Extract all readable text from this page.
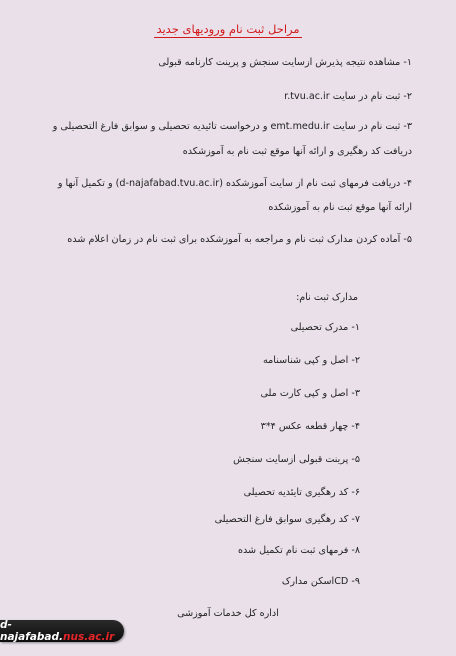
مراحل ثبت نام ورودیهای جدید
۱- مشاهده نتیجه پذیرش ازسایت سنجش و پرینت کارنامه قبولی
۲- ثبت نام در سایت r.tvu.ac.ir
۳- ثبت نام در سایت emt.medu.ir و درخواست تائیدیه تحصیلی و سوابق فارغ التحصیلی و
دریافت کد رهگیری و ارائه آنها موقع ثبت نام به آموزشکده
۴- دریافت فرمهای ثبت نام از سایت آموزشکده (d-najafabad.tvu.ac.ir) و تکمیل آنها و
ارائه آنها موقع ثبت نام به آموزشکده
۵- آماده کردن مدارک ثبت نام و مراجعه به آموزشکده برای ثبت نام در زمان اعلام شده
مدارک ثبت نام:
۱- مدرک تحصیلی
۲- اصل و کپی شناسنامه
۳- اصل و کپی کارت ملی
۴- چهار قطعه عکس ۴*۳
۵- پرینت قبولی ازسایت سنجش
۶- کد رهگیری تایئدیه تحصیلی
۷- کد رهگیری سوابق فارغ التحصیلی
۸- فرمهای ثبت نام تکمیل شده
۹- CDاسکن مدارک
اداره کل خدمات آموزشی
d-najafabad.nus.ac.ir
